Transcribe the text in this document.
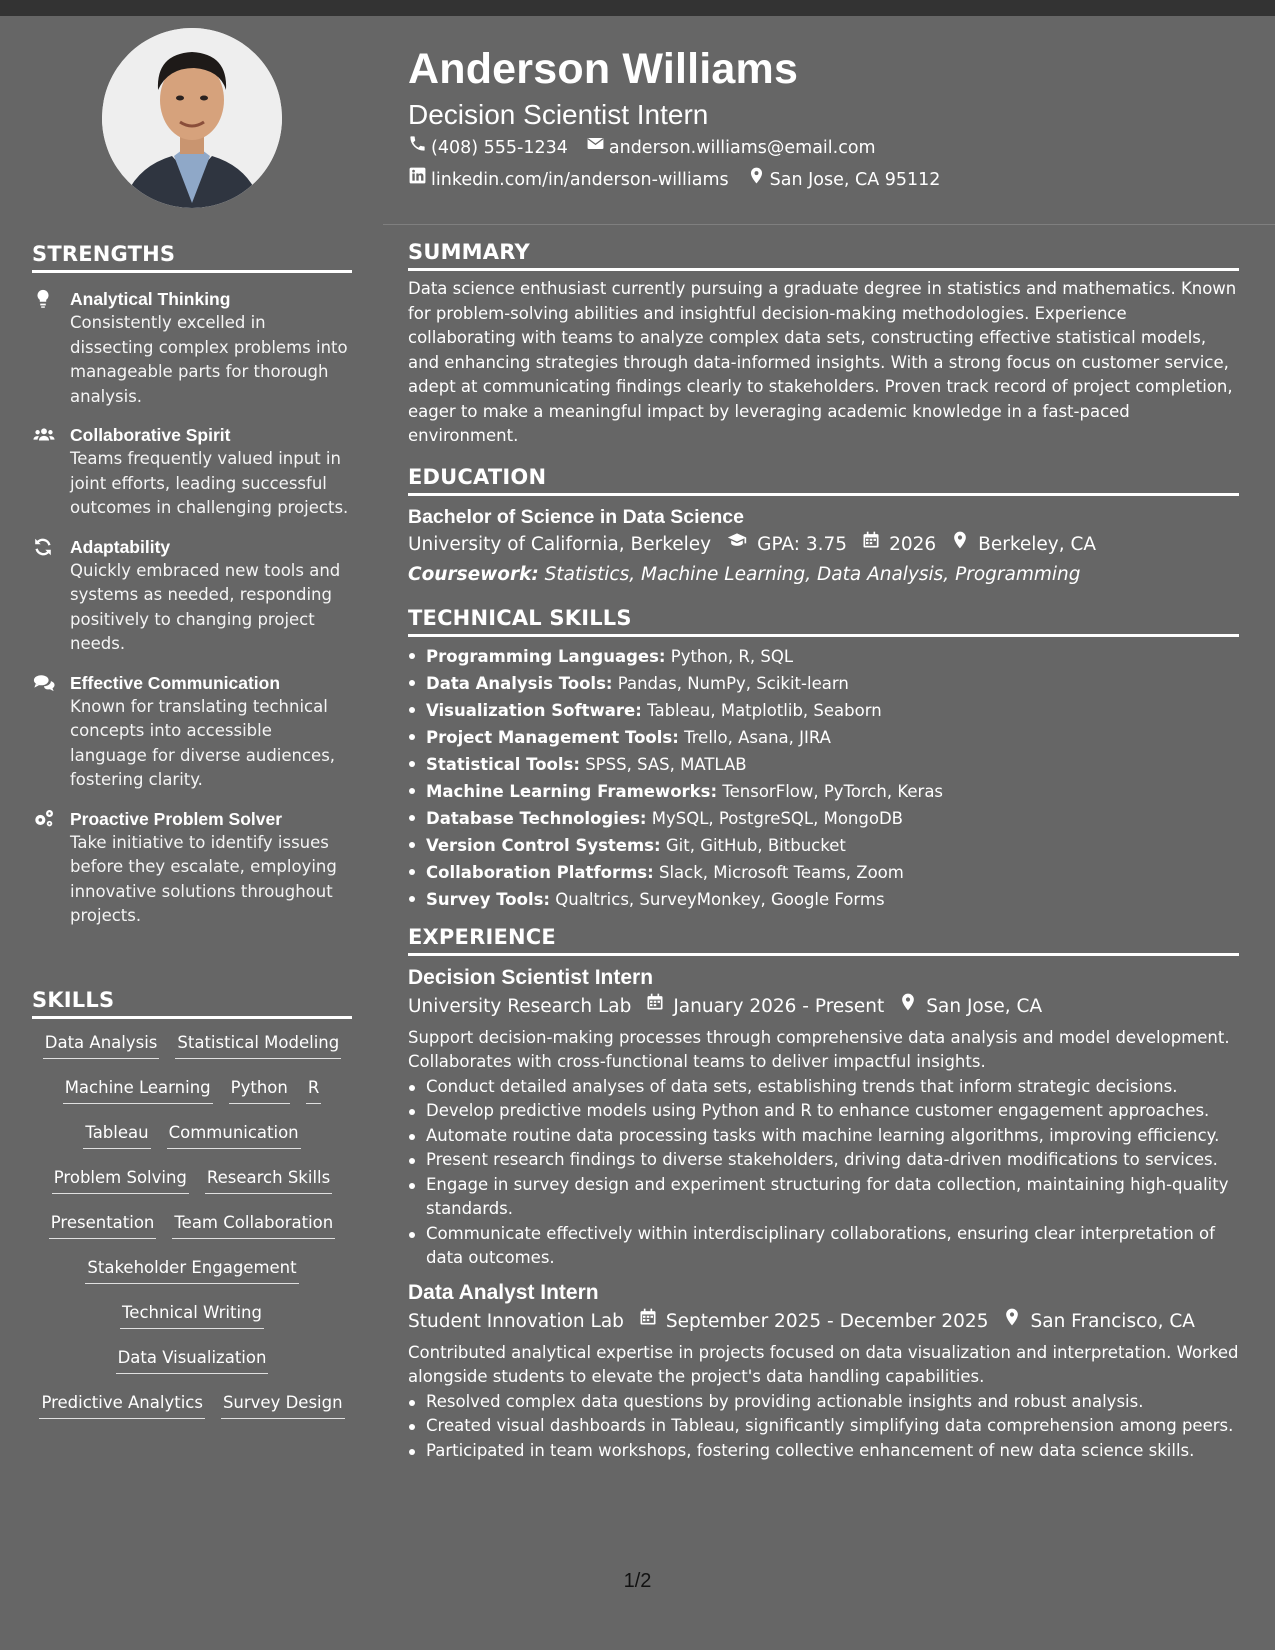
STRENGTHS
Analytical Thinking
Consistently excelled in dissecting complex problems into manageable parts for thorough analysis.
Collaborative Spirit
Teams frequently valued input in joint efforts, leading successful outcomes in challenging projects.
Adaptability
Quickly embraced new tools and systems as needed, responding positively to changing project needs.
Effective Communication
Known for translating technical concepts into accessible language for diverse audiences, fostering clarity.
Proactive Problem Solver
Take initiative to identify issues before they escalate, employing innovative solutions throughout projects.
SKILLS
Data Analysis Statistical Modeling
Machine Learning Python R
Tableau Communication
Problem Solving Research Skills
Presentation Team Collaboration
Stakeholder Engagement
Technical Writing
Data Visualization
Predictive Analytics Survey Design
Anderson Williams
Decision Scientist Intern
(408) 555-1234 anderson.williams@email.com
linkedin.com/in/anderson-williams San Jose, CA 95112
SUMMARY
Data science enthusiast currently pursuing a graduate degree in statistics and mathematics. Known for problem-solving abilities and insightful decision-making methodologies. Experience collaborating with teams to analyze complex data sets, constructing effective statistical models, and enhancing strategies through data-informed insights. With a strong focus on customer service, adept at communicating findings clearly to stakeholders. Proven track record of project completion, eager to make a meaningful impact by leveraging academic knowledge in a fast-paced environment.
EDUCATION
Bachelor of Science in Data Science
University of California, Berkeley GPA: 3.75 2026 Berkeley, CA
Coursework: Statistics, Machine Learning, Data Analysis, Programming
TECHNICAL SKILLS
Programming Languages: Python, R, SQL
Data Analysis Tools: Pandas, NumPy, Scikit-learn
Visualization Software: Tableau, Matplotlib, Seaborn
Project Management Tools: Trello, Asana, JIRA
Statistical Tools: SPSS, SAS, MATLAB
Machine Learning Frameworks: TensorFlow, PyTorch, Keras
Database Technologies: MySQL, PostgreSQL, MongoDB
Version Control Systems: Git, GitHub, Bitbucket
Collaboration Platforms: Slack, Microsoft Teams, Zoom
Survey Tools: Qualtrics, SurveyMonkey, Google Forms
EXPERIENCE
Decision Scientist Intern
University Research Lab January 2026 - Present San Jose, CA
Support decision-making processes through comprehensive data analysis and model development. Collaborates with cross-functional teams to deliver impactful insights.
Conduct detailed analyses of data sets, establishing trends that inform strategic decisions.
Develop predictive models using Python and R to enhance customer engagement approaches.
Automate routine data processing tasks with machine learning algorithms, improving efficiency.
Present research findings to diverse stakeholders, driving data-driven modifications to services.
Engage in survey design and experiment structuring for data collection, maintaining high-quality standards.
Communicate effectively within interdisciplinary collaborations, ensuring clear interpretation of data outcomes.
Data Analyst Intern
Student Innovation Lab September 2025 - December 2025 San Francisco, CA
Contributed analytical expertise in projects focused on data visualization and interpretation. Worked alongside students to elevate the project's data handling capabilities.
Resolved complex data questions by providing actionable insights and robust analysis.
Created visual dashboards in Tableau, significantly simplifying data comprehension among peers.
Participated in team workshops, fostering collective enhancement of new data science skills.
1/2
